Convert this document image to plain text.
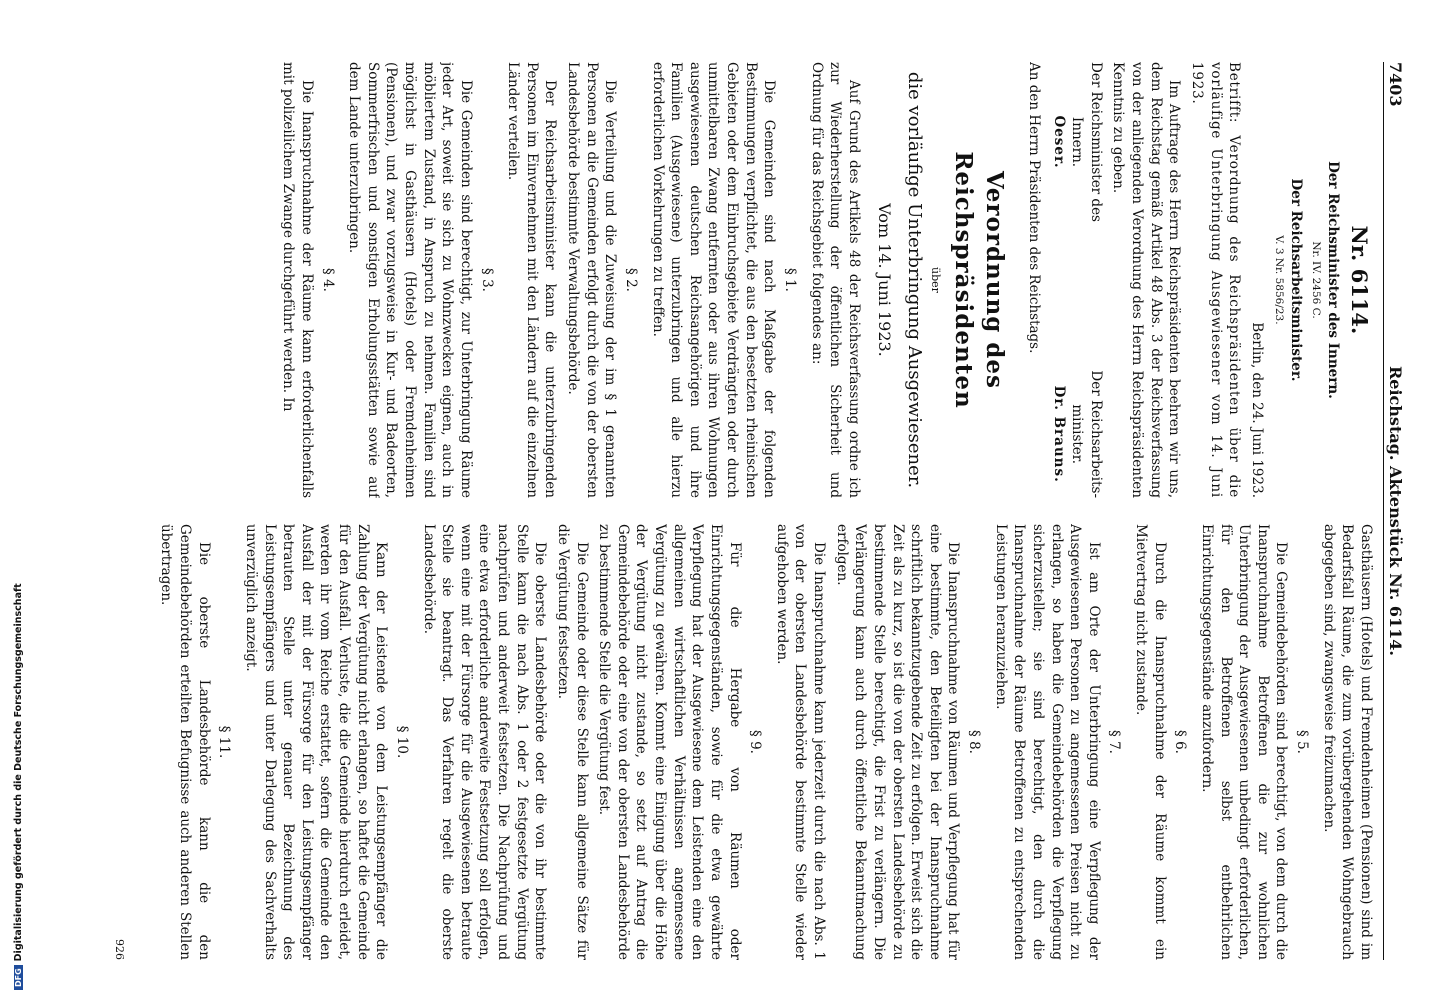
7403
Reichstag. Aktenstück Nr. 6114.
Nr. 6114.
Der Reichsminister des Innern.
Nr. IV. 2456 C.
Der Reichsarbeitsminister.
V. 3 Nr. 5856/23.

Berlin, den 24. Juni 1923.

Betrifft: Verordnung des Reichspräsidenten über die vorläufige Unterbringung Ausgewiesener vom 14. Juni 1923.

Im Auftrage des Herrn Reichspräsidenten beehren wir uns, dem Reichstag gemäß Artikel 48 Abs. 3 der Reichsverfassung von der anliegenden Verordnung des Herrn Reichspräsidenten Kenntnis zu geben.

Der Reichsminister des
Innern.
Oeser.
Der Reichsarbeits-
minister.
Dr. Brauns.

An den Herrn Präsidenten des Reichstags.

Verordnung des Reichspräsidenten

über

die vorläufige Unterbringung Ausgewiesener.
Vom 14. Juni 1923.

Auf Grund des Artikels 48 der Reichsverfassung ordne ich zur Wiederherstellung der öffentlichen Sicherheit und Ordnung für das Reichsgebiet folgendes an:

§ 1.

Die Gemeinden sind nach Maßgabe der folgenden Bestimmungen verpflichtet, die aus den besetzten rheinischen Gebieten oder dem Einbruchsgebiete Verdrängten oder durch unmittelbaren Zwang entfernten oder aus ihren Wohnungen ausgewiesenen deutschen Reichsangehörigen und ihre Familien (Ausgewiesene) unterzubringen und alle hierzu erforderlichen Vorkehrungen zu treffen.

§ 2.

Die Verteilung und die Zuweisung der im § 1 genannten Personen an die Gemeinden erfolgt durch die von der obersten Landesbehörde bestimmte Verwaltungsbehörde.

Der Reichsarbeitsminister kann die unterzubringenden Personen im Einvernehmen mit den Ländern auf die einzelnen Länder verteilen.

§ 3.

Die Gemeinden sind berechtigt, zur Unterbringung Räume jeder Art, soweit sie sich zu Wohnzwecken eignen, auch in möbliertem Zustand, in Anspruch zu nehmen. Familien sind möglichst in Gasthäusern (Hotels) oder Fremdenheimen (Pensionen), und zwar vorzugsweise in Kur- und Badeorten, Sommerfrischen und sonstigen Erholungsstätten sowie auf dem Lande unterzubringen.

§ 4.

Die Inanspruchnahme der Räume kann erforderlichenfalls mit polizeilichem Zwange durchgeführt werden. In

Gasthäusern (Hotels) und Fremdenheimen (Pensionen) sind im Bedarfsfall Räume, die zum vorübergehenden Wohngebrauch abgegeben sind, zwangsweise freizumachen.

§ 5.

Die Gemeindebehörden sind berechtigt, von dem durch die Inanspruchnahme Betroffenen die zur wohnlichen Unterbringung der Ausgewiesenen unbedingt erforderlichen, für den Betroffenen selbst entbehrlichen Einrichtungsgegenstände anzufordern.

§ 6.

Durch die Inanspruchnahme der Räume kommt ein Mietvertrag nicht zustande.

§ 7.

Ist am Orte der Unterbringung eine Verpflegung der Ausgewiesenen Personen zu angemessenen Preisen nicht zu erlangen, so haben die Gemeindebehörden die Verpflegung sicherzustellen; sie sind berechtigt, den durch die Inanspruchnahme der Räume Betroffenen zu entsprechenden Leistungen heranzuziehen.

§ 8.

Die Inanspruchnahme von Räumen und Verpflegung hat für eine bestimmte, den Beteiligten bei der Inanspruchnahme schriftlich bekanntzugebende Zeit zu erfolgen. Erweist sich die Zeit als zu kurz, so ist die von der obersten Landesbehörde zu bestimmende Stelle berechtigt, die Frist zu verlängern. Die Verlängerung kann auch durch öffentliche Bekanntmachung erfolgen.

Die Inanspruchnahme kann jederzeit durch die nach Abs. 1 von der obersten Landesbehörde bestimmte Stelle wieder aufgehoben werden.

§ 9.

Für die Hergabe von Räumen oder Einrichtungsgegenständen, sowie für die etwa gewährte Verpflegung hat der Ausgewiesene dem Leistenden eine den allgemeinen wirtschaftlichen Verhältnissen angemessene Vergütung zu gewähren. Kommt eine Einigung über die Höhe der Vergütung nicht zustande, so setzt auf Antrag die Gemeindebehörde oder eine von der obersten Landesbehörde zu bestimmende Stelle die Vergütung fest.

Die Gemeinde oder diese Stelle kann allgemeine Sätze für die Vergütung festsetzen.

Die oberste Landesbehörde oder die von ihr bestimmte Stelle kann die nach Abs. 1 oder 2 festgesetzte Vergütung nachprüfen und anderweit festsetzen. Die Nachprüfung und eine etwa erforderliche anderweite Festsetzung soll erfolgen, wenn eine mit der Fürsorge für die Ausgewiesenen betraute Stelle sie beantragt. Das Verfahren regelt die oberste Landesbehörde.

§ 10.

Kann der Leistende von dem Leistungsempfänger die Zahlung der Vergütung nicht erlangen, so haftet die Gemeinde für den Ausfall. Verluste, die die Gemeinde hierdurch erleidet, werden ihr vom Reiche erstattet, sofern die Gemeinde den Ausfall der mit der Fürsorge für den Leistungsempfänger betrauten Stelle unter genauer Bezeichnung des Leistungsempfängers und unter Darlegung des Sachverhalts unverzüglich anzeigt.

§ 11.

Die oberste Landesbehörde kann die den Gemeindebehörden erteilten Befugnisse auch anderen Stellen übertragen.

926
DFGDigitalisierung gefördert durch die Deutsche Forschungsgemeinschaft
